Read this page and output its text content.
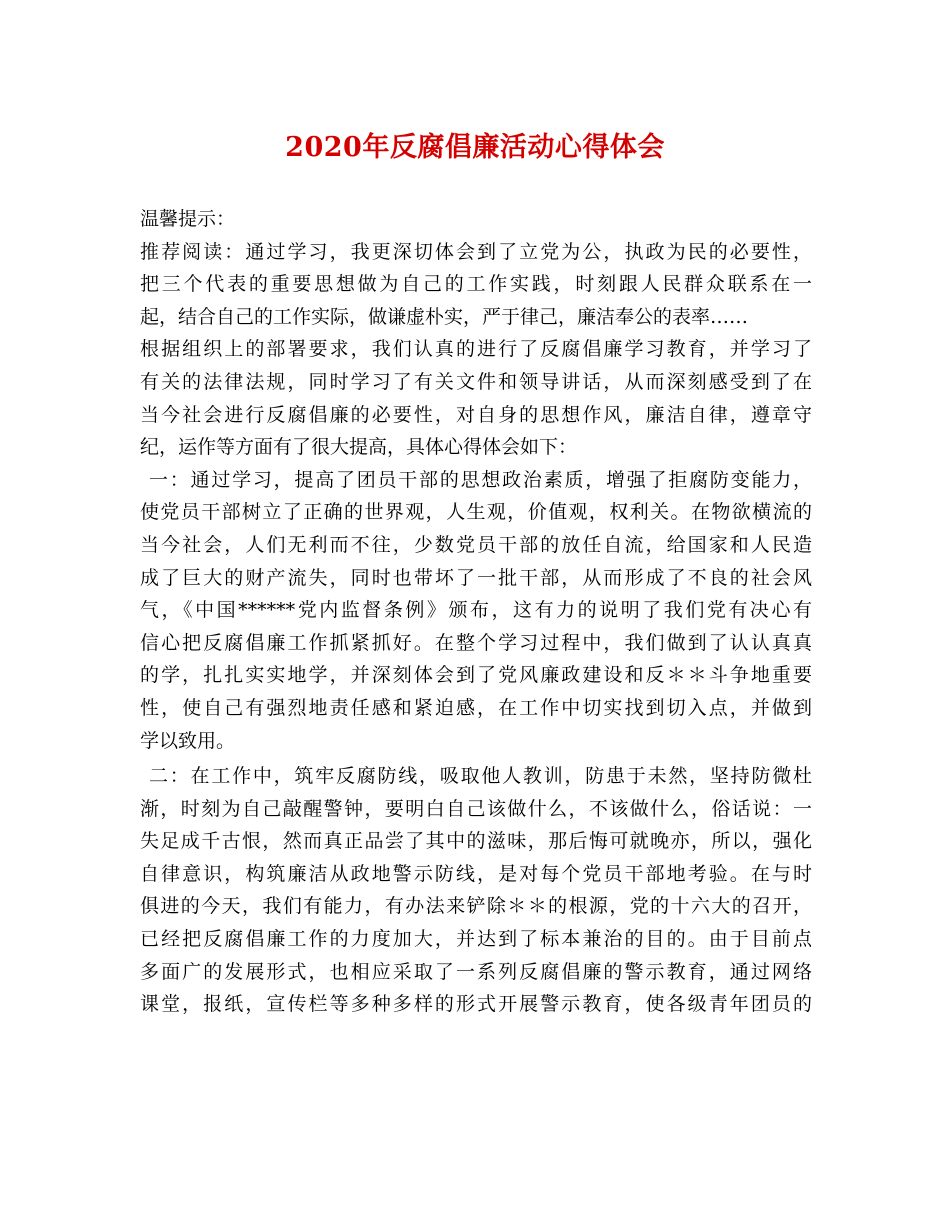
2020年反腐倡廉活动心得体会
温馨提示：
推荐阅读：通过学习，我更深切体会到了立党为公，执政为民的必要性，
把三个代表的重要思想做为自己的工作实践，时刻跟人民群众联系在一
起，结合自己的工作实际，做谦虚朴实，严于律己，廉洁奉公的表率……
根据组织上的部署要求，我们认真的进行了反腐倡廉学习教育，并学习了
有关的法律法规，同时学习了有关文件和领导讲话，从而深刻感受到了在
当今社会进行反腐倡廉的必要性，对自身的思想作风，廉洁自律，遵章守
纪，运作等方面有了很大提高，具体心得体会如下：
一：通过学习，提高了团员干部的思想政治素质，增强了拒腐防变能力，
使党员干部树立了正确的世界观，人生观，价值观，权利关。在物欲横流的
当今社会，人们无利而不往，少数党员干部的放任自流，给国家和人民造
成了巨大的财产流失，同时也带坏了一批干部，从而形成了不良的社会风
气，《中国******党内监督条例》颁布，这有力的说明了我们党有决心有
信心把反腐倡廉工作抓紧抓好。在整个学习过程中，我们做到了认认真真
的学，扎扎实实地学，并深刻体会到了党风廉政建设和反＊＊斗争地重要
性，使自己有强烈地责任感和紧迫感，在工作中切实找到切入点，并做到
学以致用。
二：在工作中，筑牢反腐防线，吸取他人教训，防患于未然，坚持防微杜
渐，时刻为自己敲醒警钟，要明白自己该做什么，不该做什么，俗话说：一
失足成千古恨，然而真正品尝了其中的滋味，那后悔可就晚亦，所以，强化
自律意识，构筑廉洁从政地警示防线，是对每个党员干部地考验。在与时
俱进的今天，我们有能力，有办法来铲除＊＊的根源，党的十六大的召开，
已经把反腐倡廉工作的力度加大，并达到了标本兼治的目的。由于目前点
多面广的发展形式，也相应采取了一系列反腐倡廉的警示教育，通过网络
课堂，报纸，宣传栏等多种多样的形式开展警示教育，使各级青年团员的
